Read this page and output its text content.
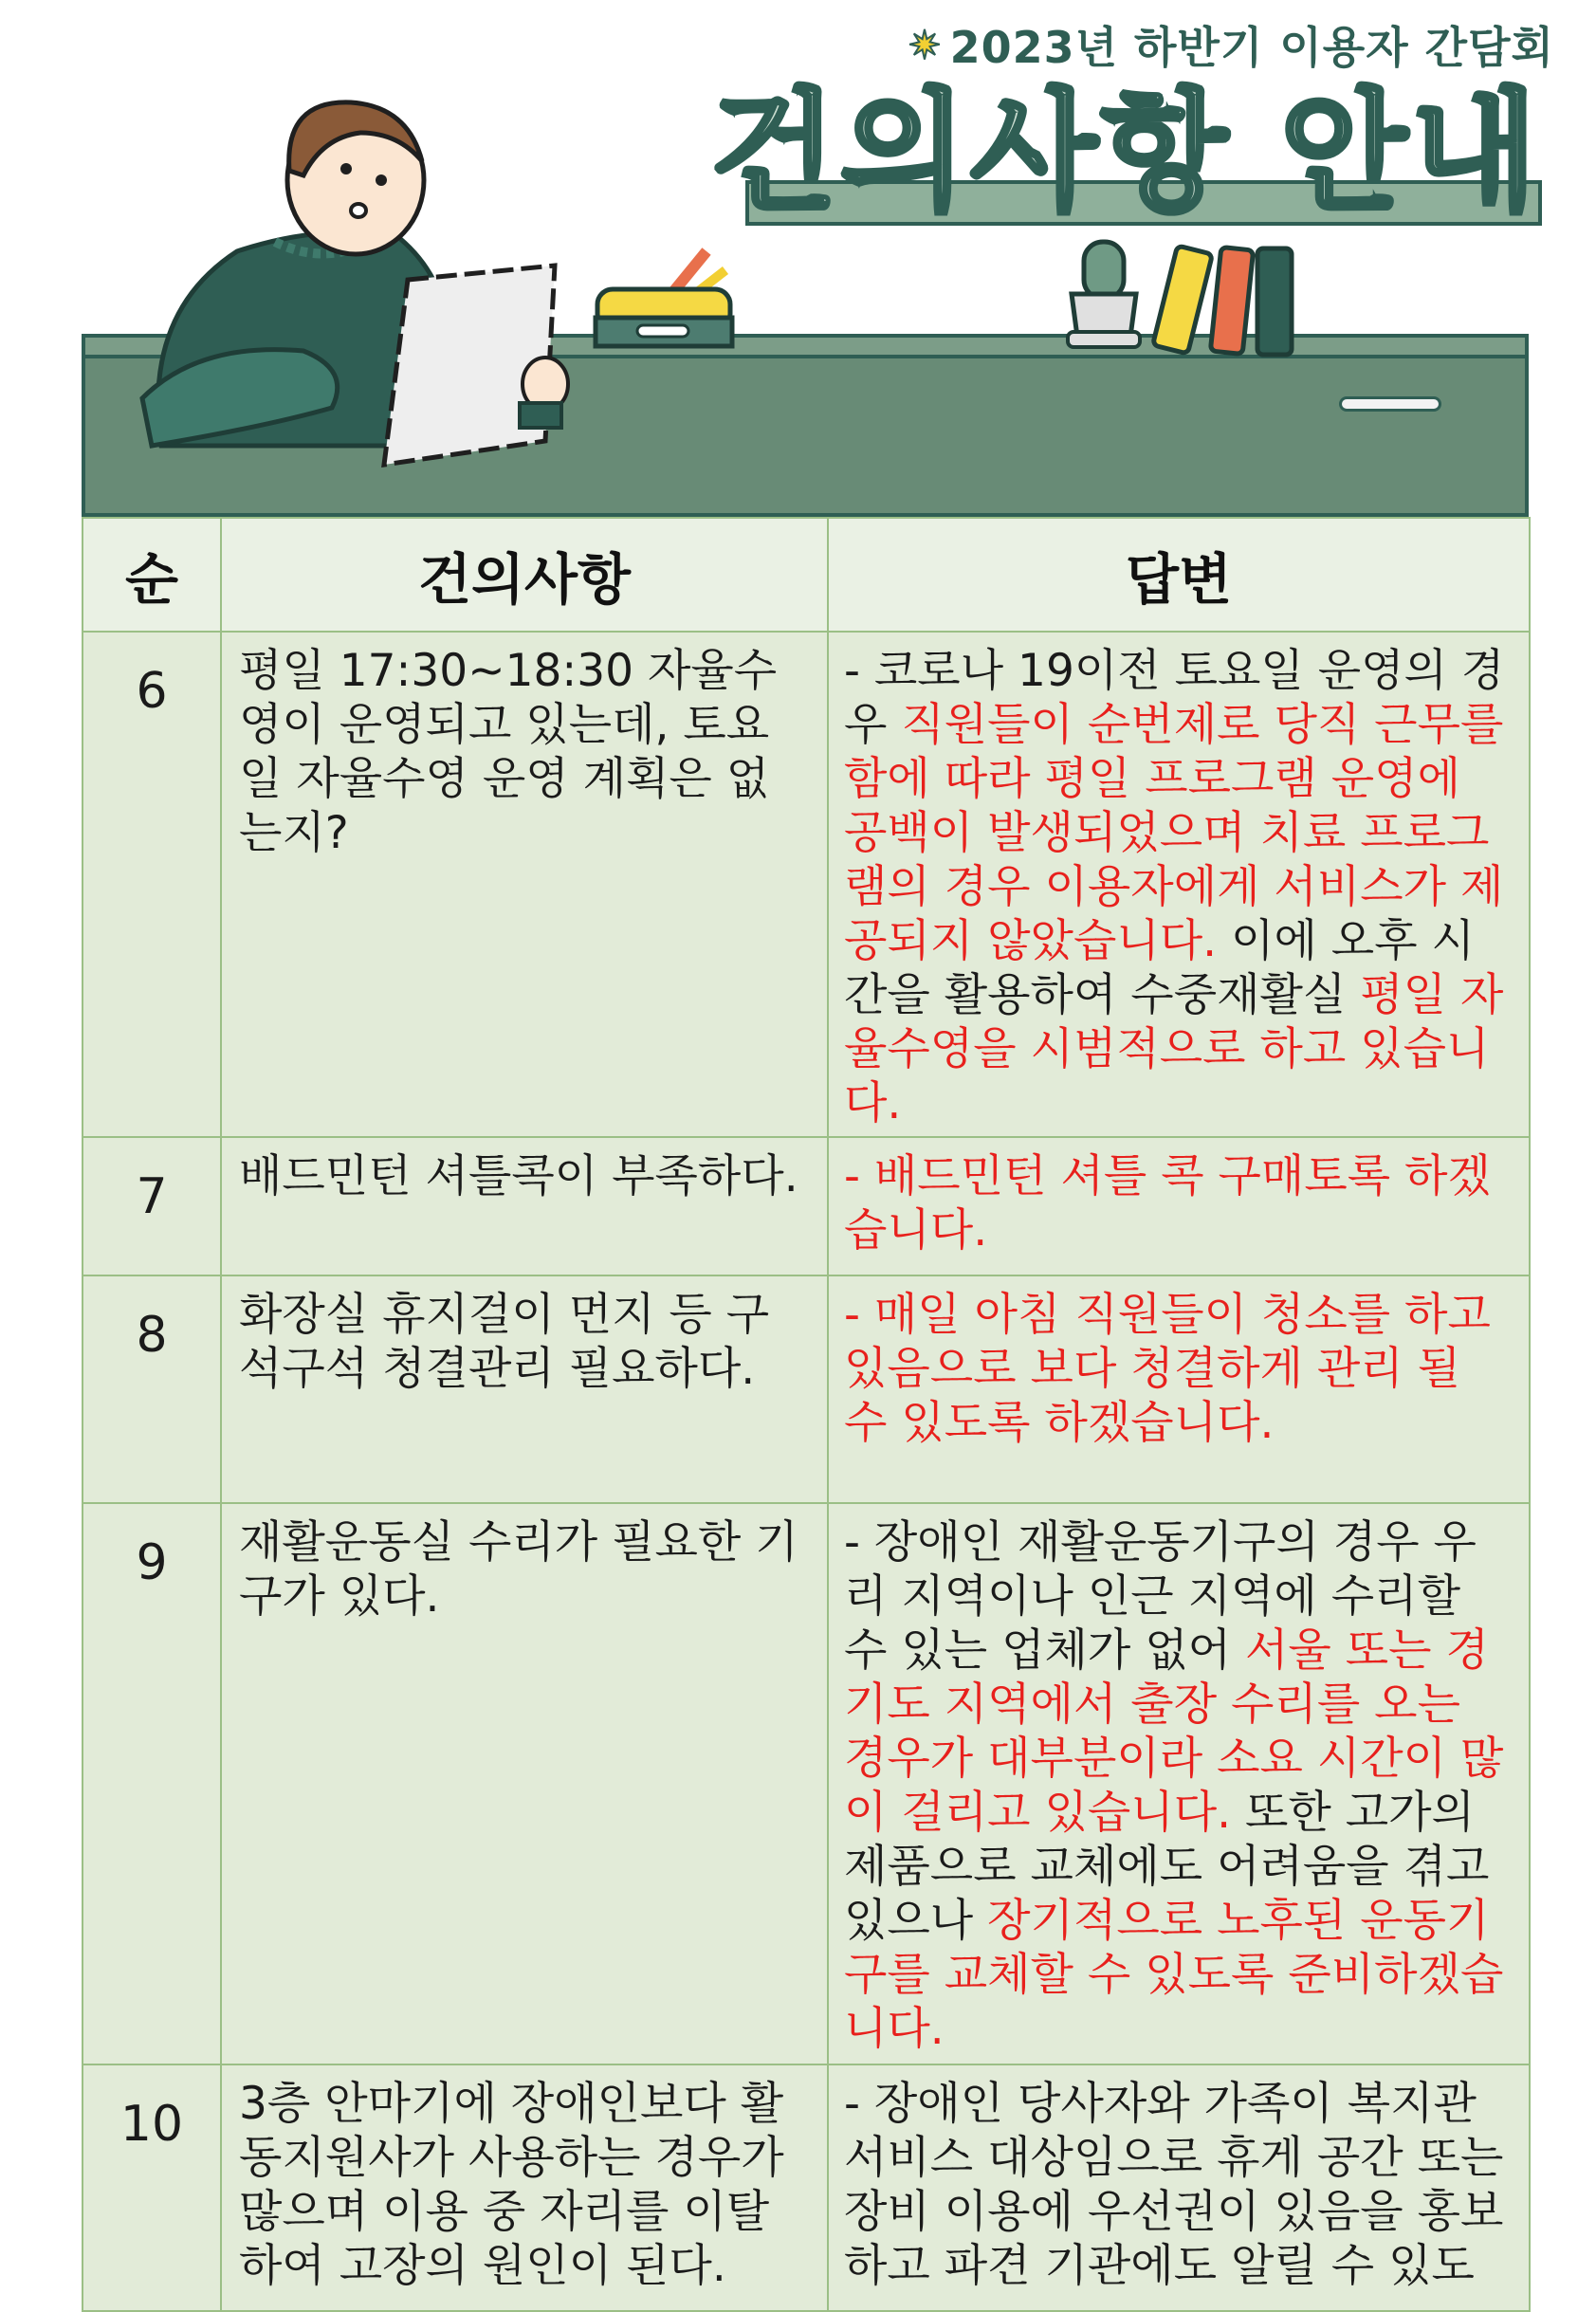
✷ 2023년 하반기 이용자 간담회
건의사항 안내
순	건의사항	답변
6	평일 17:30~18:30 자율수영이 운영되고 있는데, 토요일 자율수영 운영 계획은 없는지?	- 코로나 19이전 토요일 운영의 경우 직원들이 순번제로 당직 근무를 함에 따라 평일 프로그램 운영에 공백이 발생되었으며 치료 프로그램의 경우 이용자에게 서비스가 제공되지 않았습니다. 이에 오후 시간을 활용하여 수중재활실 평일 자율수영을 시범적으로 하고 있습니다.
7	배드민턴 셔틀콕이 부족하다.	- 배드민턴 셔틀 콕 구매토록 하겠습니다.
8	화장실 휴지걸이 먼지 등 구석구석 청결관리 필요하다.	- 매일 아침 직원들이 청소를 하고 있음으로 보다 청결하게 관리 될 수 있도록 하겠습니다.
9	재활운동실 수리가 필요한 기구가 있다.	- 장애인 재활운동기구의 경우 우리 지역이나 인근 지역에 수리할 수 있는 업체가 없어 서울 또는 경기도 지역에서 출장 수리를 오는 경우가 대부분이라 소요 시간이 많이 걸리고 있습니다. 또한 고가의 제품으로 교체에도 어려움을 겪고 있으나 장기적으로 노후된 운동기구를 교체할 수 있도록 준비하겠습니다.
10	3층 안마기에 장애인보다 활동지원사가 사용하는 경우가 많으며 이용 중 자리를 이탈하여 고장의 원인이 된다.	- 장애인 당사자와 가족이 복지관 서비스 대상임으로 휴게 공간 또는 장비 이용에 우선권이 있음을 홍보하고 파견 기관에도 알릴 수 있도
